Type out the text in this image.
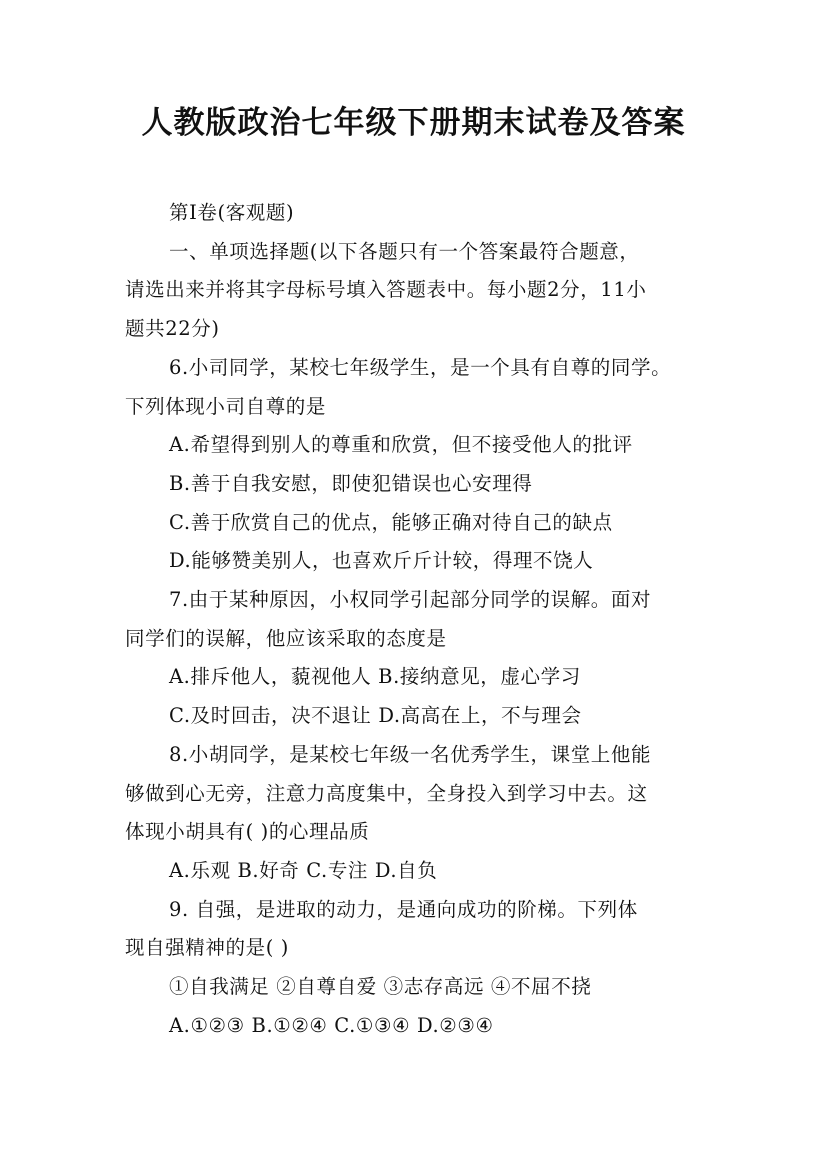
人教版政治七年级下册期末试卷及答案

第Ⅰ卷(客观题)

一、单项选择题(以下各题只有一个答案最符合题意，

请选出来并将其字母标号填入答题表中。每小题2分，11小

题共22分)

6.小司同学，某校七年级学生，是一个具有自尊的同学。

下列体现小司自尊的是

A.希望得到别人的尊重和欣赏，但不接受他人的批评

B.善于自我安慰，即使犯错误也心安理得

C.善于欣赏自己的优点，能够正确对待自己的缺点

D.能够赞美别人，也喜欢斤斤计较，得理不饶人

7.由于某种原因，小权同学引起部分同学的误解。面对

同学们的误解，他应该采取的态度是

A.排斥他人，藐视他人 B.接纳意见，虚心学习

C.及时回击，决不退让 D.高高在上，不与理会

8.小胡同学，是某校七年级一名优秀学生，课堂上他能

够做到心无旁，注意力高度集中，全身投入到学习中去。这

体现小胡具有( )的心理品质

A.乐观 B.好奇 C.专注 D.自负

9. 自强，是进取的动力，是通向成功的阶梯。下列体

现自强精神的是( )

①自我满足 ②自尊自爱 ③志存高远 ④不屈不挠

A.①②③ B.①②④ C.①③④ D.②③④
